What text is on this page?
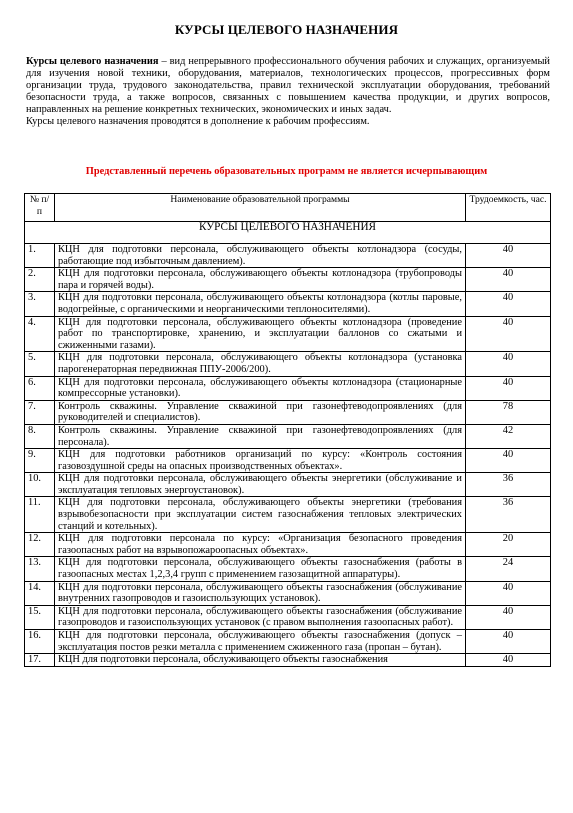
КУРСЫ ЦЕЛЕВОГО НАЗНАЧЕНИЯ

Курсы целевого назначения – вид непрерывного профессионального обучения рабочих и служащих, организуемый для изучения новой техники, оборудования, материалов, технологических процессов, прогрессивных форм организации труда, трудового законодательства, правил технической эксплуатации оборудования, требований безопасности труда, а также вопросов, связанных с повышением качества продукции, и других вопросов, направленных на решение конкретных технических, экономических и иных задач.

Курсы целевого назначения проводятся в дополнение к рабочим профессиям.

Представленный перечень образовательных программ не является исчерпывающим
№ п/п	Наименование образовательной программы	Трудоемкость, час.
КУРСЫ ЦЕЛЕВОГО НАЗНАЧЕНИЯ		
1.	КЦН для подготовки персонала, обслуживающего объекты котлонадзора (сосуды, работающие под избыточным давлением).	40
2.	КЦН для подготовки персонала, обслуживающего объекты котлонадзора (трубопроводы пара и горячей воды).	40
3.	КЦН для подготовки персонала, обслуживающего объекты котлонадзора (котлы паровые, водогрейные, с органическими и неорганическими теплоносителями).	40
4.	КЦН для подготовки персонала, обслуживающего объекты котлонадзора (проведение работ по транспортировке, хранению, и эксплуатации баллонов со сжатыми и сжиженными газами).	40
5.	КЦН для подготовки персонала, обслуживающего объекты котлонадзора (установка парогенераторная передвижная ППУ-2006/200).	40
6.	КЦН для подготовки персонала, обслуживающего объекты котлонадзора (стационарные компрессорные установки).	40
7.	Контроль скважины. Управление скважиной при газонефтеводопроявлениях (для руководителей и специалистов).	78
8.	Контроль скважины. Управление скважиной при газонефтеводопроявлениях (для персонала).	42
9.	КЦН для подготовки работников организаций по курсу: «Контроль состояния газовоздушной среды на опасных производственных объектах».	40
10.	КЦН для подготовки персонала, обслуживающего объекты энергетики (обслуживание и эксплуатация тепловых энергоустановок).	36
11.	КЦН для подготовки персонала, обслуживающего объекты энергетики (требования взрывобезопасности при эксплуатации систем газоснабжения тепловых электрических станций и котельных).	36
12.	КЦН для подготовки персонала по курсу: «Организация безопасного проведения газоопасных работ на взрывопожароопасных объектах».	20
13.	КЦН для подготовки персонала, обслуживающего объекты газоснабжения (работы в газоопасных местах 1,2,3,4 групп с применением газозащитной аппаратуры).	24
14.	КЦН для подготовки персонала, обслуживающего объекты газоснабжения (обслуживание внутренних газопроводов и газоиспользующих установок).	40
15.	КЦН для подготовки персонала, обслуживающего объекты газоснабжения (обслуживание газопроводов и газоиспользующих установок (с правом выполнения газоопасных работ).	40
16.	КЦН для подготовки персонала, обслуживающего объекты газоснабжения (допуск – эксплуатация постов резки металла с применением сжиженного газа (пропан – бутан).	40
17.	КЦН для подготовки персонала, обслуживающего объекты газоснабжения	40
